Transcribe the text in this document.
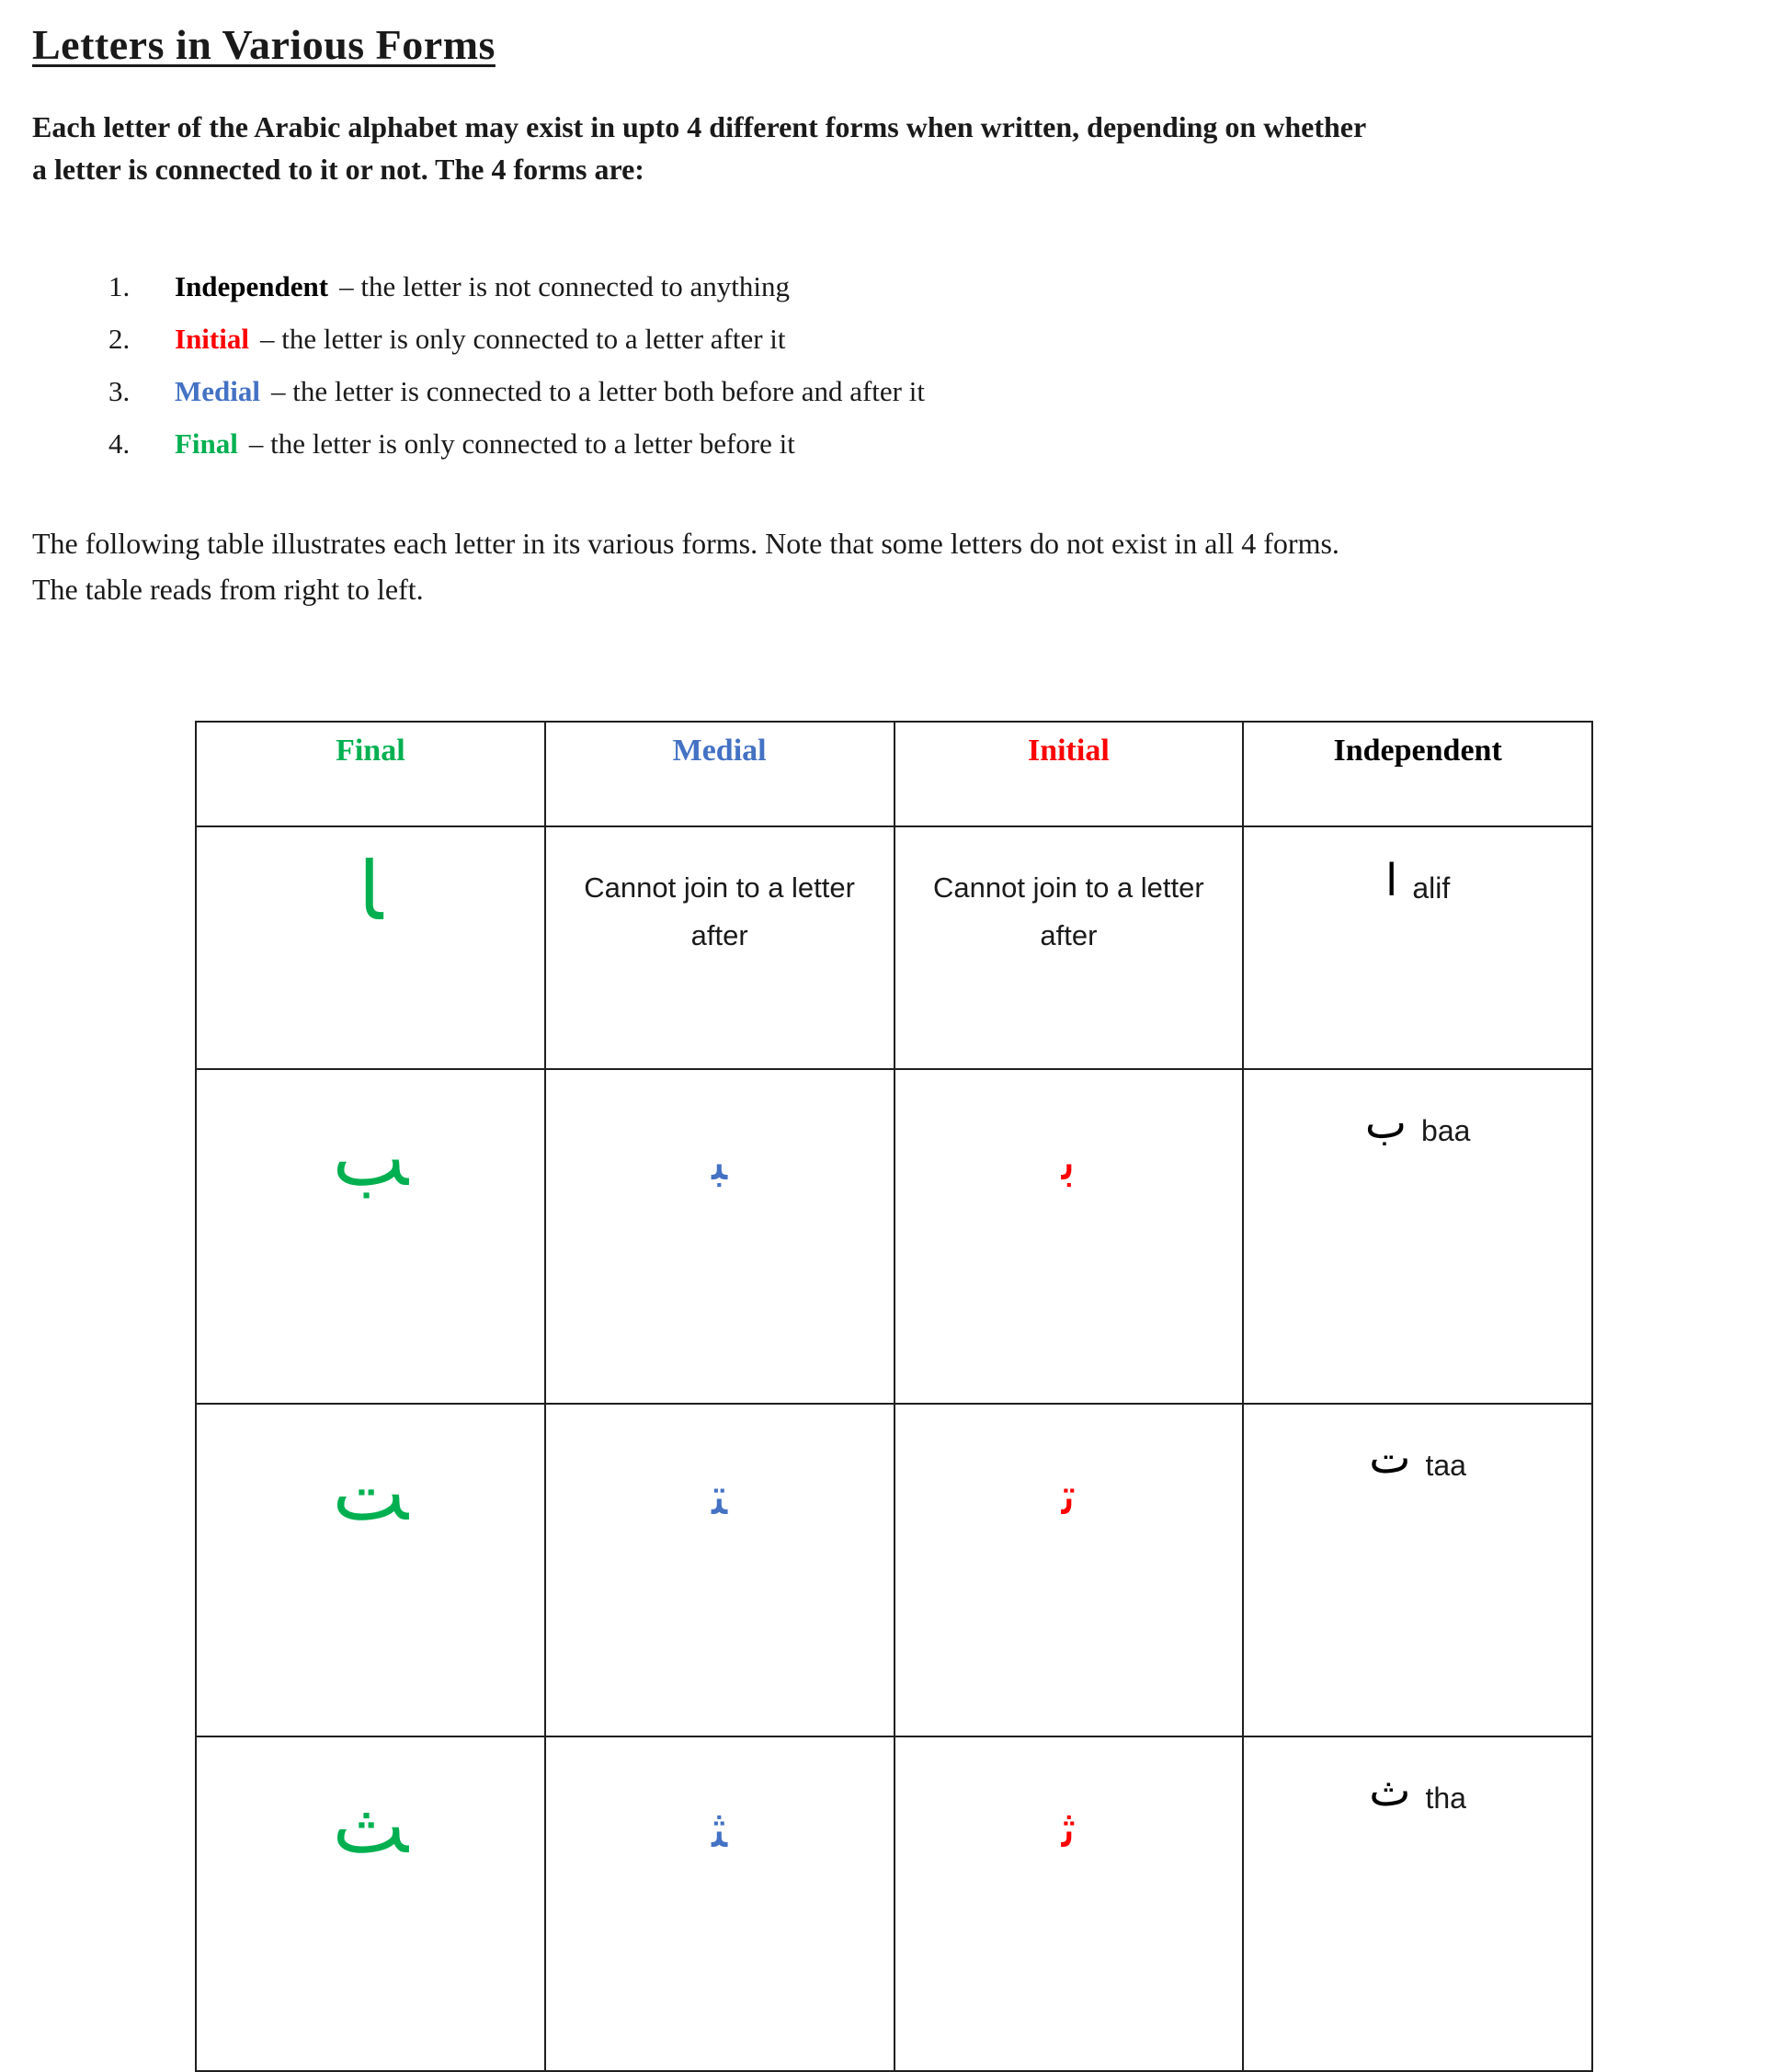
Letters in Various Forms

Each letter of the Arabic alphabet may exist in upto 4 different forms when written, depending on whether a letter is connected to it or not. The 4 forms are:

1.	Independent – the letter is not connected to anything
2.	Initial – the letter is only connected to a letter after it
3.	Medial – the letter is connected to a letter both before and after it
4.	Final – the letter is only connected to a letter before it

The following table illustrates each letter in its various forms. Note that some letters do not exist in all 4 forms. The table reads from right to left.

Final	Medial	Initial	Independent
ﺎ	Cannot join to a letter after	Cannot join to a letter after	ا alif

ﺐ	ﺒ	ﺑ	ب baa

ﺖ	ﺘ	ﺗ	ت taa

ﺚ	ﺜ	ﺛ	ث tha
